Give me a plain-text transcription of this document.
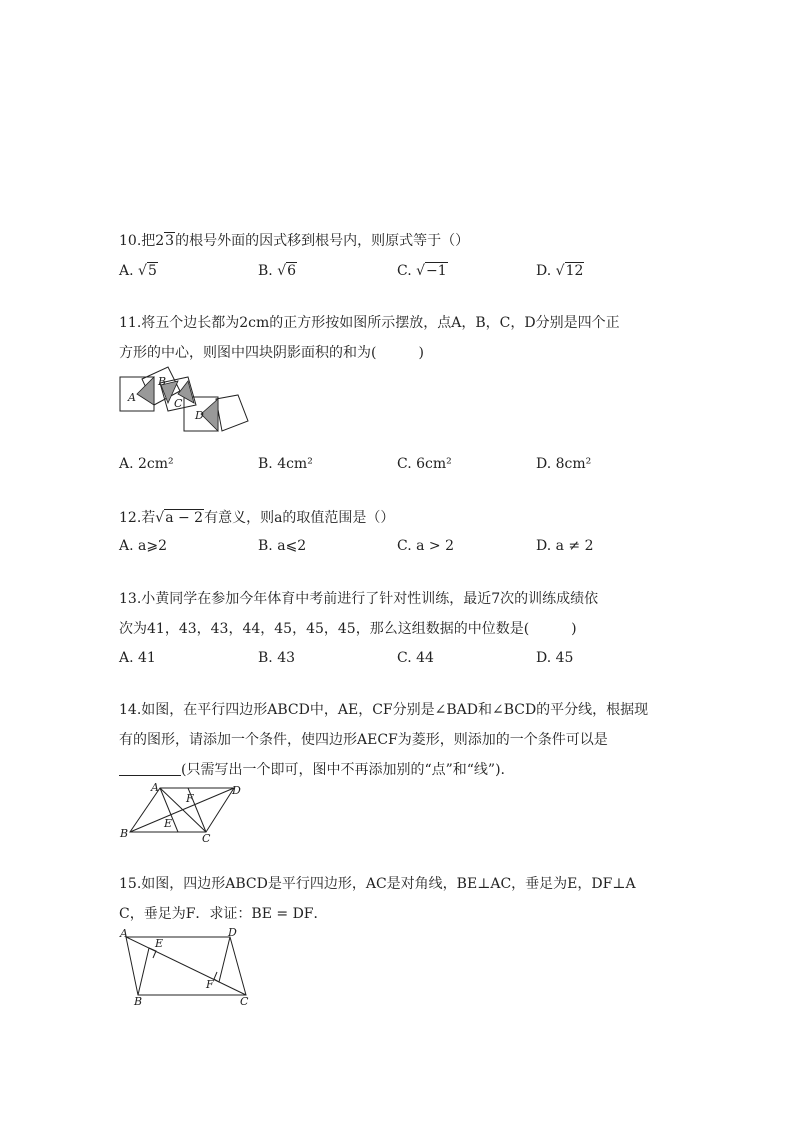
10.把23的根号外面的因式移到根号内，则原式等于（）
A. √5	B. √6	C. √−1	D. √12
11.将五个边长都为2cm的正方形按如图所示摆放，点A，B，C，D分别是四个正
方形的中心，则图中四块阴影面积的和为(　　　)
A
B
C
D
A. 2cm²	B. 4cm²	C. 6cm²	D. 8cm²
12.若√a − 2有意义，则a的取值范围是（）
A. a⩾2	B. a⩽2	C. a > 2	D. a ≠ 2
13.小黄同学在参加今年体育中考前进行了针对性训练，最近7次的训练成绩依
次为41，43，43，44，45，45，45，那么这组数据的中位数是(　　　)
A. 41	B. 43	C. 44	D. 45
14.如图，在平行四边形ABCD中，AE，CF分别是∠BAD和∠BCD的平分线，根据现
有的图形，请添加一个条件，使四边形AECF为菱形，则添加的一个条件可以是
(只需写出一个即可，图中不再添加别的“点”和“线”).
A	D
F
E
B	C
15.如图，四边形ABCD是平行四边形，AC是对角线，BE⊥AC，垂足为E，DF⊥A
C，垂足为F．求证：BE = DF．
A	D
E
F
B	C
